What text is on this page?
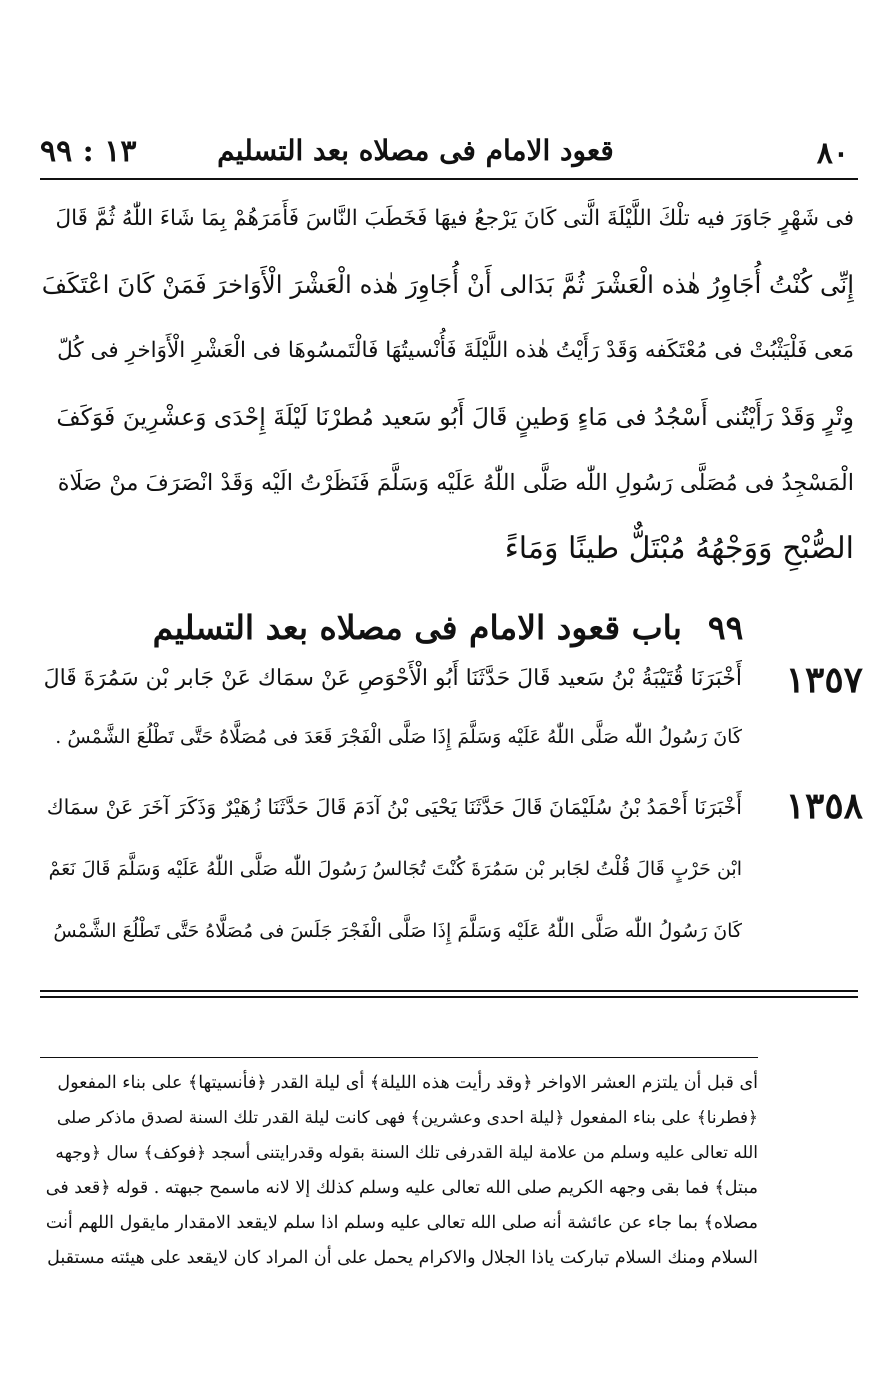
٨٠
قعود الامام فى مصلاه بعد التسليم
١٣ : ٩٩
فى شَهْرٍ جَاوَرَ فيه تلْكَ اللَّيْلَةَ الَّتى كَانَ يَرْجعُ فيهَا فَخَطَبَ النَّاسَ فَأَمَرَهُمْ بِمَا شَاءَ اللّٰهُ ثُمَّ قَالَ
إِنِّى كُنْتُ أُجَاوِرُ هٰذه الْعَشْرَ ثُمَّ بَدَالى أَنْ أُجَاوِرَ هٰذه الْعَشْرَ الْأَوَاخرَ فَمَنْ كَانَ اعْتَكَفَ
مَعى فَلْيَثْبُتْ فى مُعْتَكَفه وَقَدْ رَأَيْتُ هٰذه اللَّيْلَةَ فَأُنْسيتُهَا فَالْتَمسُوهَا فى الْعَشْرِ الْأَوَاخرِ فى كُلّ
وِتْرٍ وَقَدْ رَأَيْتُنى أَسْجُدُ فى مَاءٍ وَطينٍ قَالَ أَبُو سَعيد مُطرْنَا لَيْلَةَ إِحْدَى وَعشْرِينَ فَوَكَفَ
الْمَسْجِدُ فى مُصَلَّى رَسُولِ اللّٰه صَلَّى اللّٰهُ عَلَيْه وَسَلَّمَ فَنَظَرْتُ الَيْه وَقَدْ انْصَرَفَ منْ صَلَاة
الصُّبْحِ وَوَجْهُهُ مُبْتَلٌّ طينًا وَمَاءً
٩٩باب قعود الامام فى مصلاه بعد التسليم
١٣٥٧
أَخْبَرَنَا قُتَيْبَةُ بْنُ سَعيد قَالَ حَدَّثَنَا أَبُو الْأَحْوَصِ عَنْ سمَاك عَنْ جَابر بْن سَمُرَةَ قَالَ
كَانَ رَسُولُ اللّٰه صَلَّى اللّٰهُ عَلَيْه وَسَلَّمَ إِذَا صَلَّى الْفَجْرَ قَعَدَ فى مُصَلَّاهُ حَتَّى تَطْلُعَ الشَّمْسُ .
١٣٥٨
أَخْبَرَنَا أَحْمَدُ بْنُ سُلَيْمَانَ قَالَ حَدَّثَنَا يَحْيَى بْنُ آدَمَ قَالَ حَدَّثَنَا زُهَيْرٌ وَذَكَرَ آخَرَ عَنْ سمَاك
ابْن حَرْبٍ قَالَ قُلْتُ لجَابر بْن سَمُرَةَ كُنْتَ تُجَالسُ رَسُولَ اللّٰه صَلَّى اللّٰهُ عَلَيْه وَسَلَّمَ قَالَ نَعَمْ
كَانَ رَسُولُ اللّٰه صَلَّى اللّٰهُ عَلَيْه وَسَلَّمَ إِذَا صَلَّى الْفَجْرَ جَلَسَ فى مُصَلَّاهُ حَتَّى تَطْلُعَ الشَّمْسُ
أى قبل أن يلتزم العشر الاواخر ﴿وقد رأيت هذه الليلة﴾ أى ليلة القدر ﴿فأنسيتها﴾ على بناء المفعول
﴿فطرنا﴾ على بناء المفعول ﴿ليلة احدى وعشرين﴾ فهى كانت ليلة القدر تلك السنة لصدق ماذكر صلى
الله تعالى عليه وسلم من علامة ليلة القدرفى تلك السنة بقوله وقدرايتنى أسجد ﴿فوكف﴾ سال ﴿وجهه
مبتل﴾ فما بقى وجهه الكريم صلى الله تعالى عليه وسلم كذلك إلا لانه ماسمح جبهته . قوله ﴿قعد فى
مصلاه﴾ بما جاء عن عائشة أنه صلى الله تعالى عليه وسلم اذا سلم لايقعد الامقدار مايقول اللهم أنت
السلام ومنك السلام تباركت ياذا الجلال والاكرام يحمل على أن المراد كان لايقعد على هيئته مستقبل
